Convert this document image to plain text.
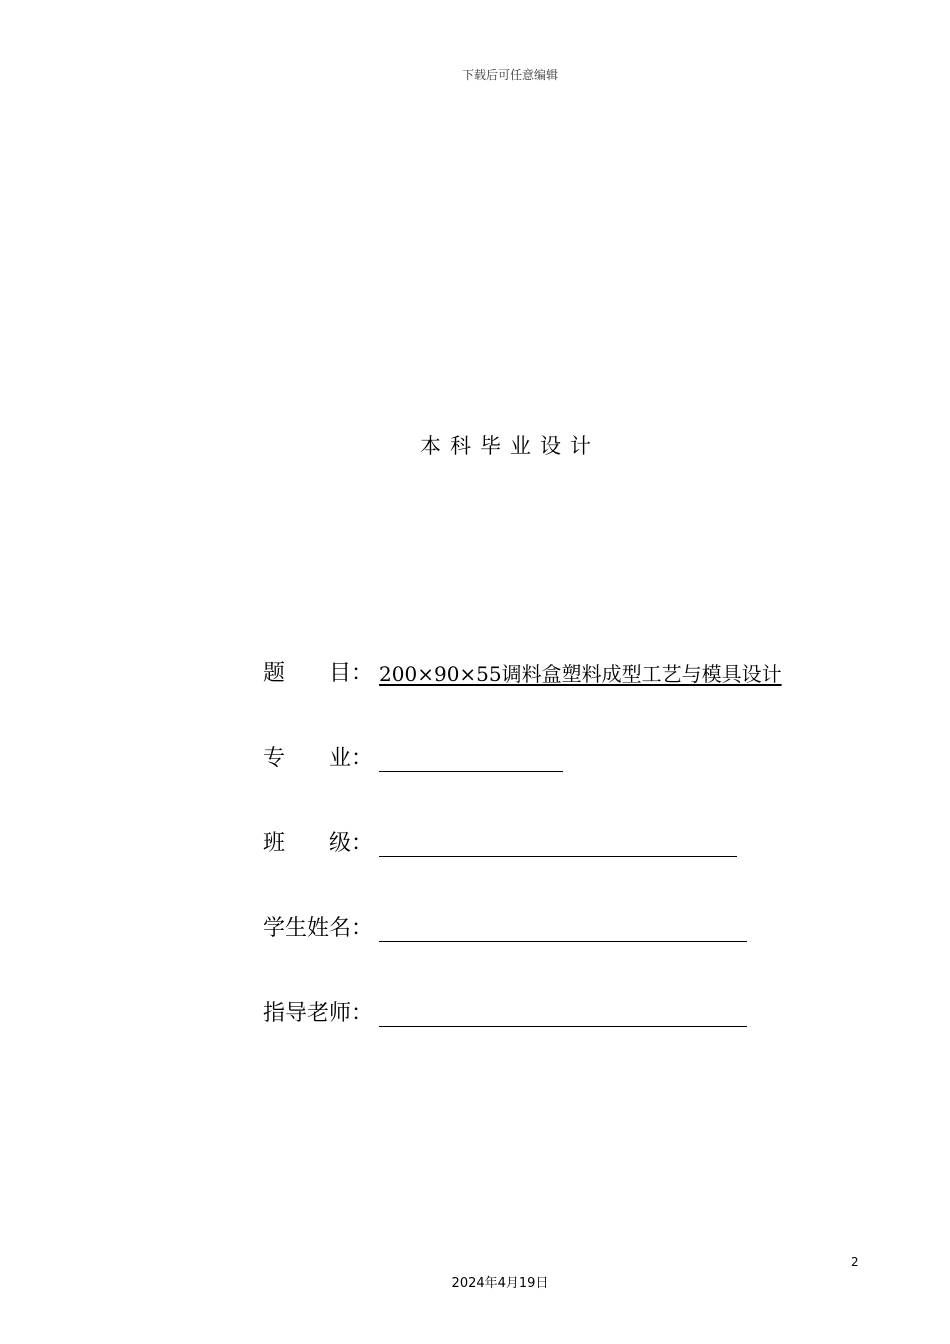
下载后可任意编辑
本科毕业设计
题　　目 ： 200×90×55调料盒塑料成型工艺与模具设计
专　　业 ：
班　　级 ：
学生姓名 ：
指导老师 ：
2
2024年4月19日
